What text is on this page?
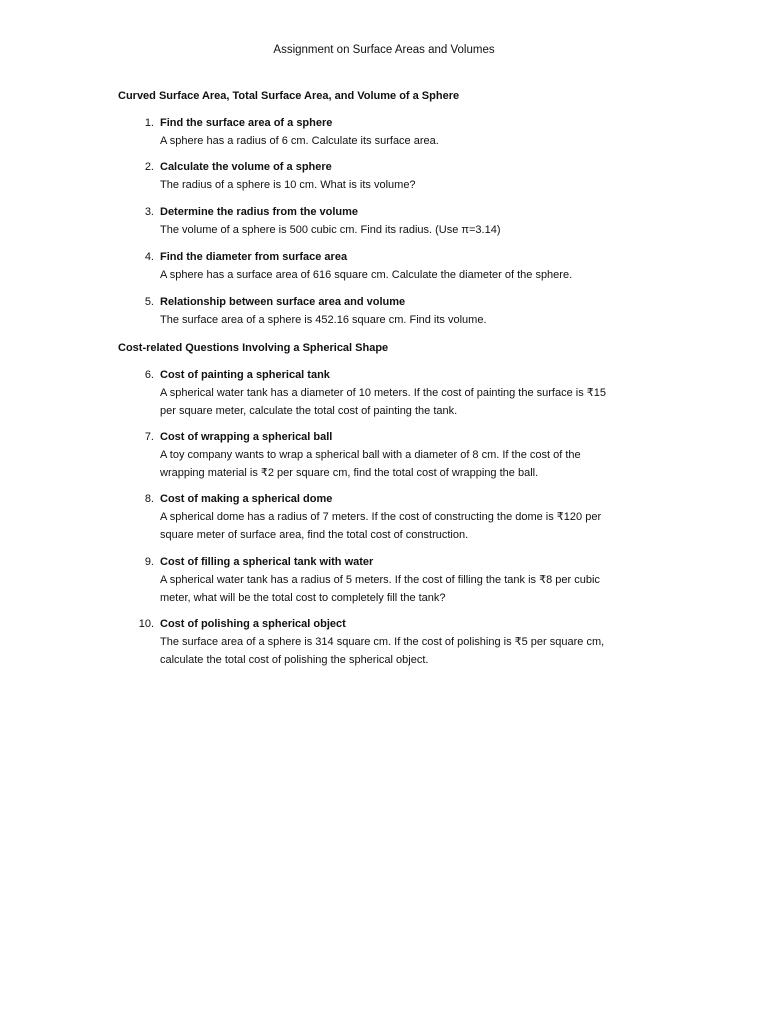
Assignment on Surface Areas and Volumes
Curved Surface Area, Total Surface Area, and Volume of a Sphere
1. Find the surface area of a sphere
A sphere has a radius of 6 cm. Calculate its surface area.
2. Calculate the volume of a sphere
The radius of a sphere is 10 cm. What is its volume?
3. Determine the radius from the volume
The volume of a sphere is 500 cubic cm. Find its radius. (Use π=3.14)
4. Find the diameter from surface area
A sphere has a surface area of 616 square cm. Calculate the diameter of the sphere.
5. Relationship between surface area and volume
The surface area of a sphere is 452.16 square cm. Find its volume.
Cost-related Questions Involving a Spherical Shape
6. Cost of painting a spherical tank
A spherical water tank has a diameter of 10 meters. If the cost of painting the surface is ₹15
per square meter, calculate the total cost of painting the tank.
7. Cost of wrapping a spherical ball
A toy company wants to wrap a spherical ball with a diameter of 8 cm. If the cost of the
wrapping material is ₹2 per square cm, find the total cost of wrapping the ball.
8. Cost of making a spherical dome
A spherical dome has a radius of 7 meters. If the cost of constructing the dome is ₹120 per
square meter of surface area, find the total cost of construction.
9. Cost of filling a spherical tank with water
A spherical water tank has a radius of 5 meters. If the cost of filling the tank is ₹8 per cubic
meter, what will be the total cost to completely fill the tank?
10. Cost of polishing a spherical object
The surface area of a sphere is 314 square cm. If the cost of polishing is ₹5 per square cm,
calculate the total cost of polishing the spherical object.
